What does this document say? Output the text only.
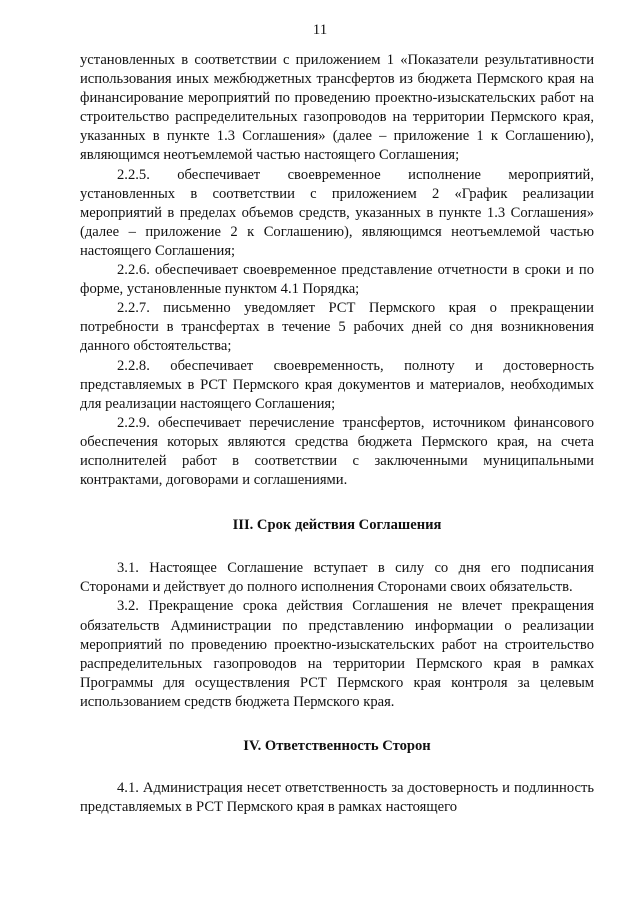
11

установленных в соответствии с приложением 1 «Показатели результативности использования иных межбюджетных трансфертов из бюджета Пермского края на финансирование мероприятий по проведению проектно-изыскательских работ на строительство распределительных газопроводов на территории Пермского края, указанных в пункте 1.3 Соглашения» (далее – приложение 1 к Соглашению), являющимся неотъемлемой частью настоящего Соглашения;

2.2.5. обеспечивает своевременное исполнение мероприятий, установленных в соответствии с приложением 2 «График реализации мероприятий в пределах объемов средств, указанных в пункте 1.3 Соглашения» (далее – приложение 2 к Соглашению), являющимся неотъемлемой частью настоящего Соглашения;

2.2.6. обеспечивает своевременное представление отчетности в сроки и по форме, установленные пунктом 4.1 Порядка;

2.2.7. письменно уведомляет РСТ Пермского края о прекращении потребности в трансфертах в течение 5 рабочих дней со дня возникновения данного обстоятельства;

2.2.8. обеспечивает своевременность, полноту и достоверность представляемых в РСТ Пермского края документов и материалов, необходимых для реализации настоящего Соглашения;

2.2.9. обеспечивает перечисление трансфертов, источником финансового обеспечения которых являются средства бюджета Пермского края, на счета исполнителей работ в соответствии с заключенными муниципальными контрактами, договорами и соглашениями.

III. Срок действия Соглашения

3.1. Настоящее Соглашение вступает в силу со дня его подписания Сторонами и действует до полного исполнения Сторонами своих обязательств.

3.2. Прекращение срока действия Соглашения не влечет прекращения обязательств Администрации по представлению информации о реализации мероприятий по проведению проектно-изыскательских работ на строительство распределительных газопроводов на территории Пермского края в рамках Программы для осуществления РСТ Пермского края контроля за целевым использованием средств бюджета Пермского края.

IV. Ответственность Сторон

4.1. Администрация несет ответственность за достоверность и подлинность представляемых в РСТ Пермского края в рамках настоящего
